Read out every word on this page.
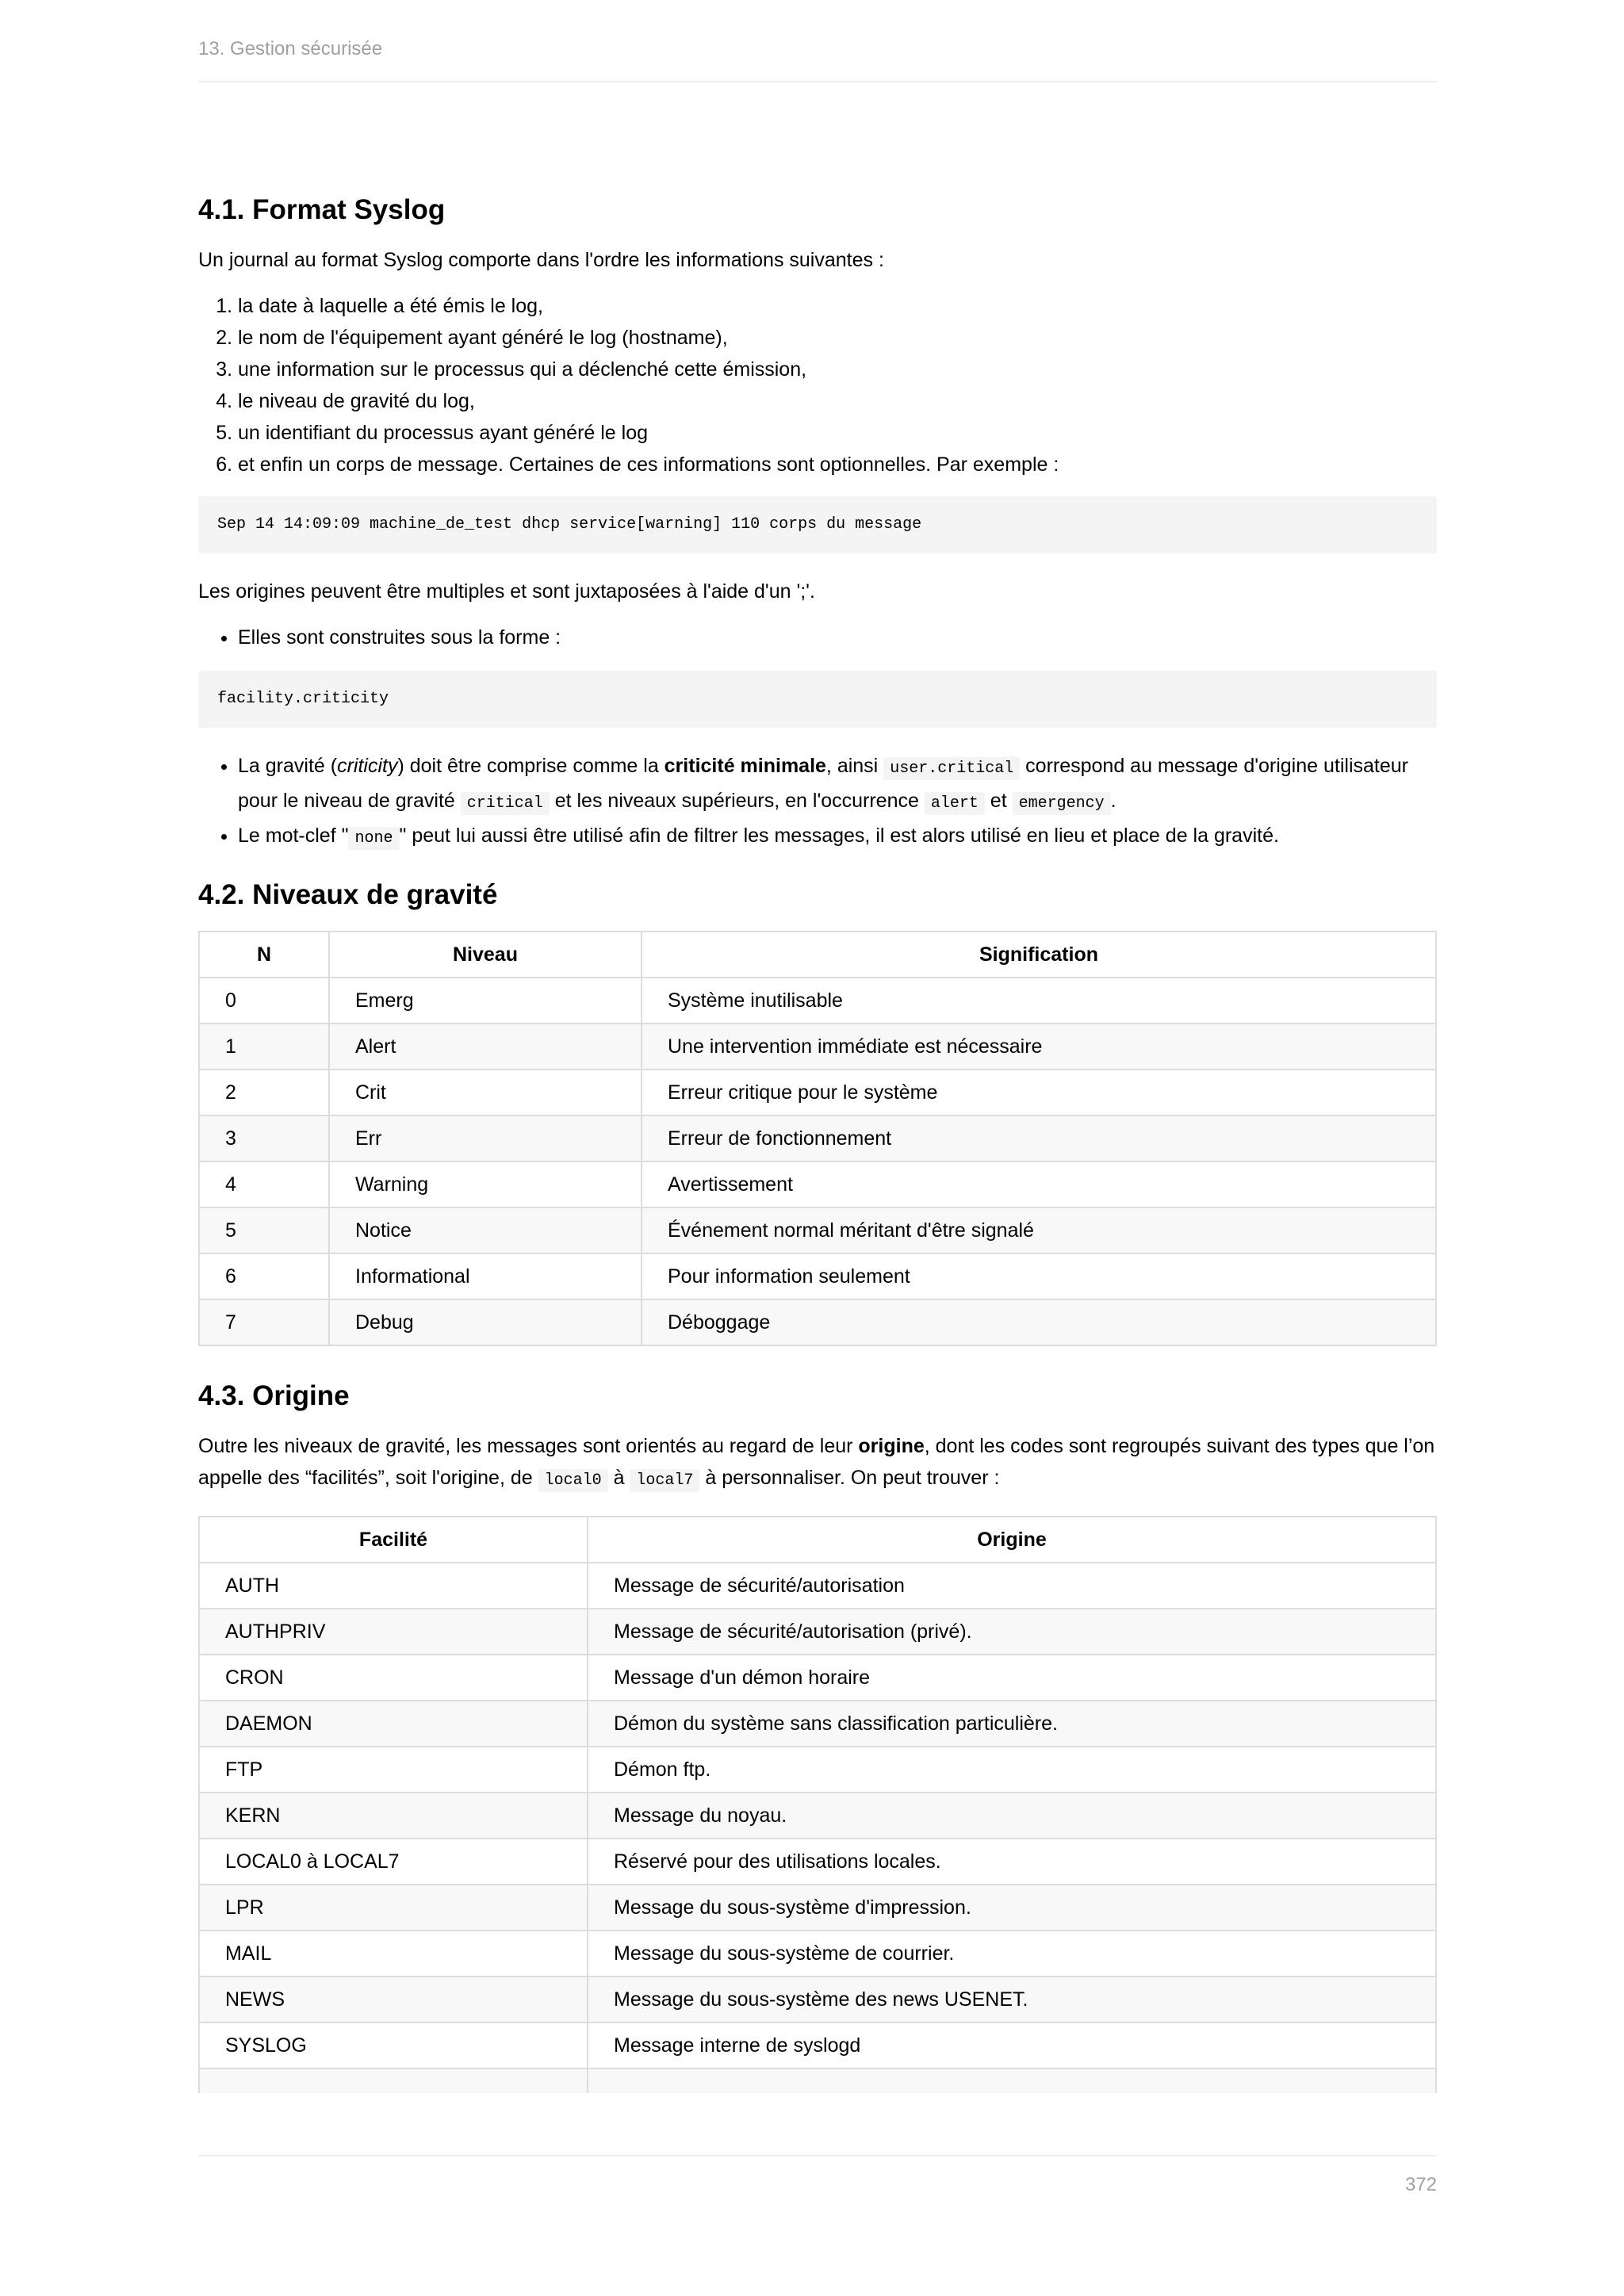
13. Gestion sécurisée
4.1. Format Syslog

Un journal au format Syslog comporte dans l'ordre les informations suivantes :

1. la date à laquelle a été émis le log,
2. le nom de l'équipement ayant généré le log (hostname),
3. une information sur le processus qui a déclenché cette émission,
4. le niveau de gravité du log,
5. un identifiant du processus ayant généré le log
6. et enfin un corps de message. Certaines de ces informations sont optionnelles. Par exemple :
Sep 14 14:09:09 machine_de_test dhcp service[warning] 110 corps du message

Les origines peuvent être multiples et sont juxtaposées à l'aide d'un ';'.

• Elles sont construites sous la forme :
facility.criticity
• La gravité (criticity) doit être comprise comme la criticité minimale, ainsi user.critical correspond au message d'origine utilisateur pour le niveau de gravité critical et les niveaux supérieurs, en l'occurrence alert et emergency .
• Le mot-clef " none " peut lui aussi être utilisé afin de filtrer les messages, il est alors utilisé en lieu et place de la gravité.
4.2. Niveaux de gravité
N	Niveau	Signification
0	Emerg	Système inutilisable
1	Alert	Une intervention immédiate est nécessaire
2	Crit	Erreur critique pour le système
3	Err	Erreur de fonctionnement
4	Warning	Avertissement
5	Notice	Événement normal méritant d'être signalé
6	Informational	Pour information seulement
7	Debug	Déboggage
4.3. Origine

Outre les niveaux de gravité, les messages sont orientés au regard de leur origine, dont les codes sont regroupés suivant des types que l’on appelle des “facilités”, soit l'origine, de local0 à local7 à personnaliser. On peut trouver :

Facilité	Origine
AUTH	Message de sécurité/autorisation
AUTHPRIV	Message de sécurité/autorisation (privé).
CRON	Message d'un démon horaire
DAEMON	Démon du système sans classification particulière.
FTP	Démon ftp.
KERN	Message du noyau.
LOCAL0 à LOCAL7	Réservé pour des utilisations locales.
LPR	Message du sous-système d'impression.
MAIL	Message du sous-système de courrier.
NEWS	Message du sous-système des news USENET.
SYSLOG	Message interne de syslogd

372
